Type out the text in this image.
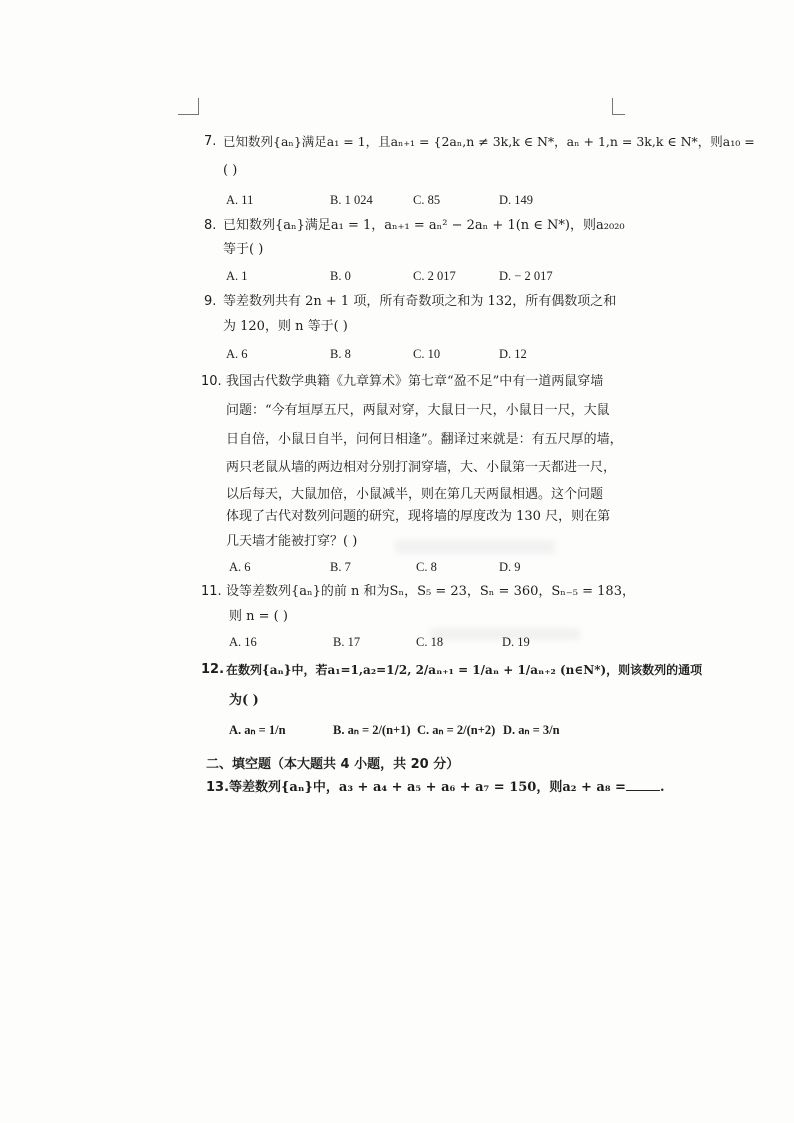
7. 已知数列{aₙ}满足a₁ = 1，且aₙ₊₁ = {2aₙ,n ≠ 3k,k ∈ N*，aₙ + 1,n = 3k,k ∈ N*，则a₁₀ =
( )
A. 11	B. 1 024	C. 85	D. 149
8. 已知数列{aₙ}满足a₁ = 1，aₙ₊₁ = aₙ² − 2aₙ + 1(n ∈ N*)，则a₂₀₂₀
等于( )
A. 1	B. 0	C. 2 017	D. − 2 017
9. 等差数列共有 2n + 1 项，所有奇数项之和为 132，所有偶数项之和
为 120，则 n 等于( )
A. 6	B. 8	C. 10	D. 12
10. 我国古代数学典籍《九章算术》第七章“盈不足”中有一道两鼠穿墙
问题：“今有垣厚五尺，两鼠对穿，大鼠日一尺，小鼠日一尺，大鼠
日自倍，小鼠日自半，问何日相逢”。翻译过来就是：有五尺厚的墙，
两只老鼠从墙的两边相对分别打洞穿墙，大、小鼠第一天都进一尺，
以后每天，大鼠加倍，小鼠减半，则在第几天两鼠相遇。这个问题
体现了古代对数列问题的研究，现将墙的厚度改为 130 尺，则在第
几天墙才能被打穿？( )
A. 6	B. 7	C. 8	D. 9
11. 设等差数列{aₙ}的前 n 和为Sₙ，S₅ = 23，Sₙ = 360，Sₙ₋₅ = 183，
则 n = ( )
A. 16	B. 17	C. 18	D. 19
12. 在数列{aₙ}中，若a₁=1,a₂=1/2, 2/aₙ₊₁ = 1/aₙ + 1/aₙ₊₂ (n∈N*)，则该数列的通项
为( )
A. aₙ = 1/n	B. aₙ = 2/(n+1) C. aₙ = 2/(n+2) D. aₙ = 3/n
二、填空题（本大题共 4 小题，共 20 分）
13. 等差数列{aₙ}中，a₃ + a₄ + a₅ + a₆ + a₇ = 150，则a₂ + a₈ =	.
